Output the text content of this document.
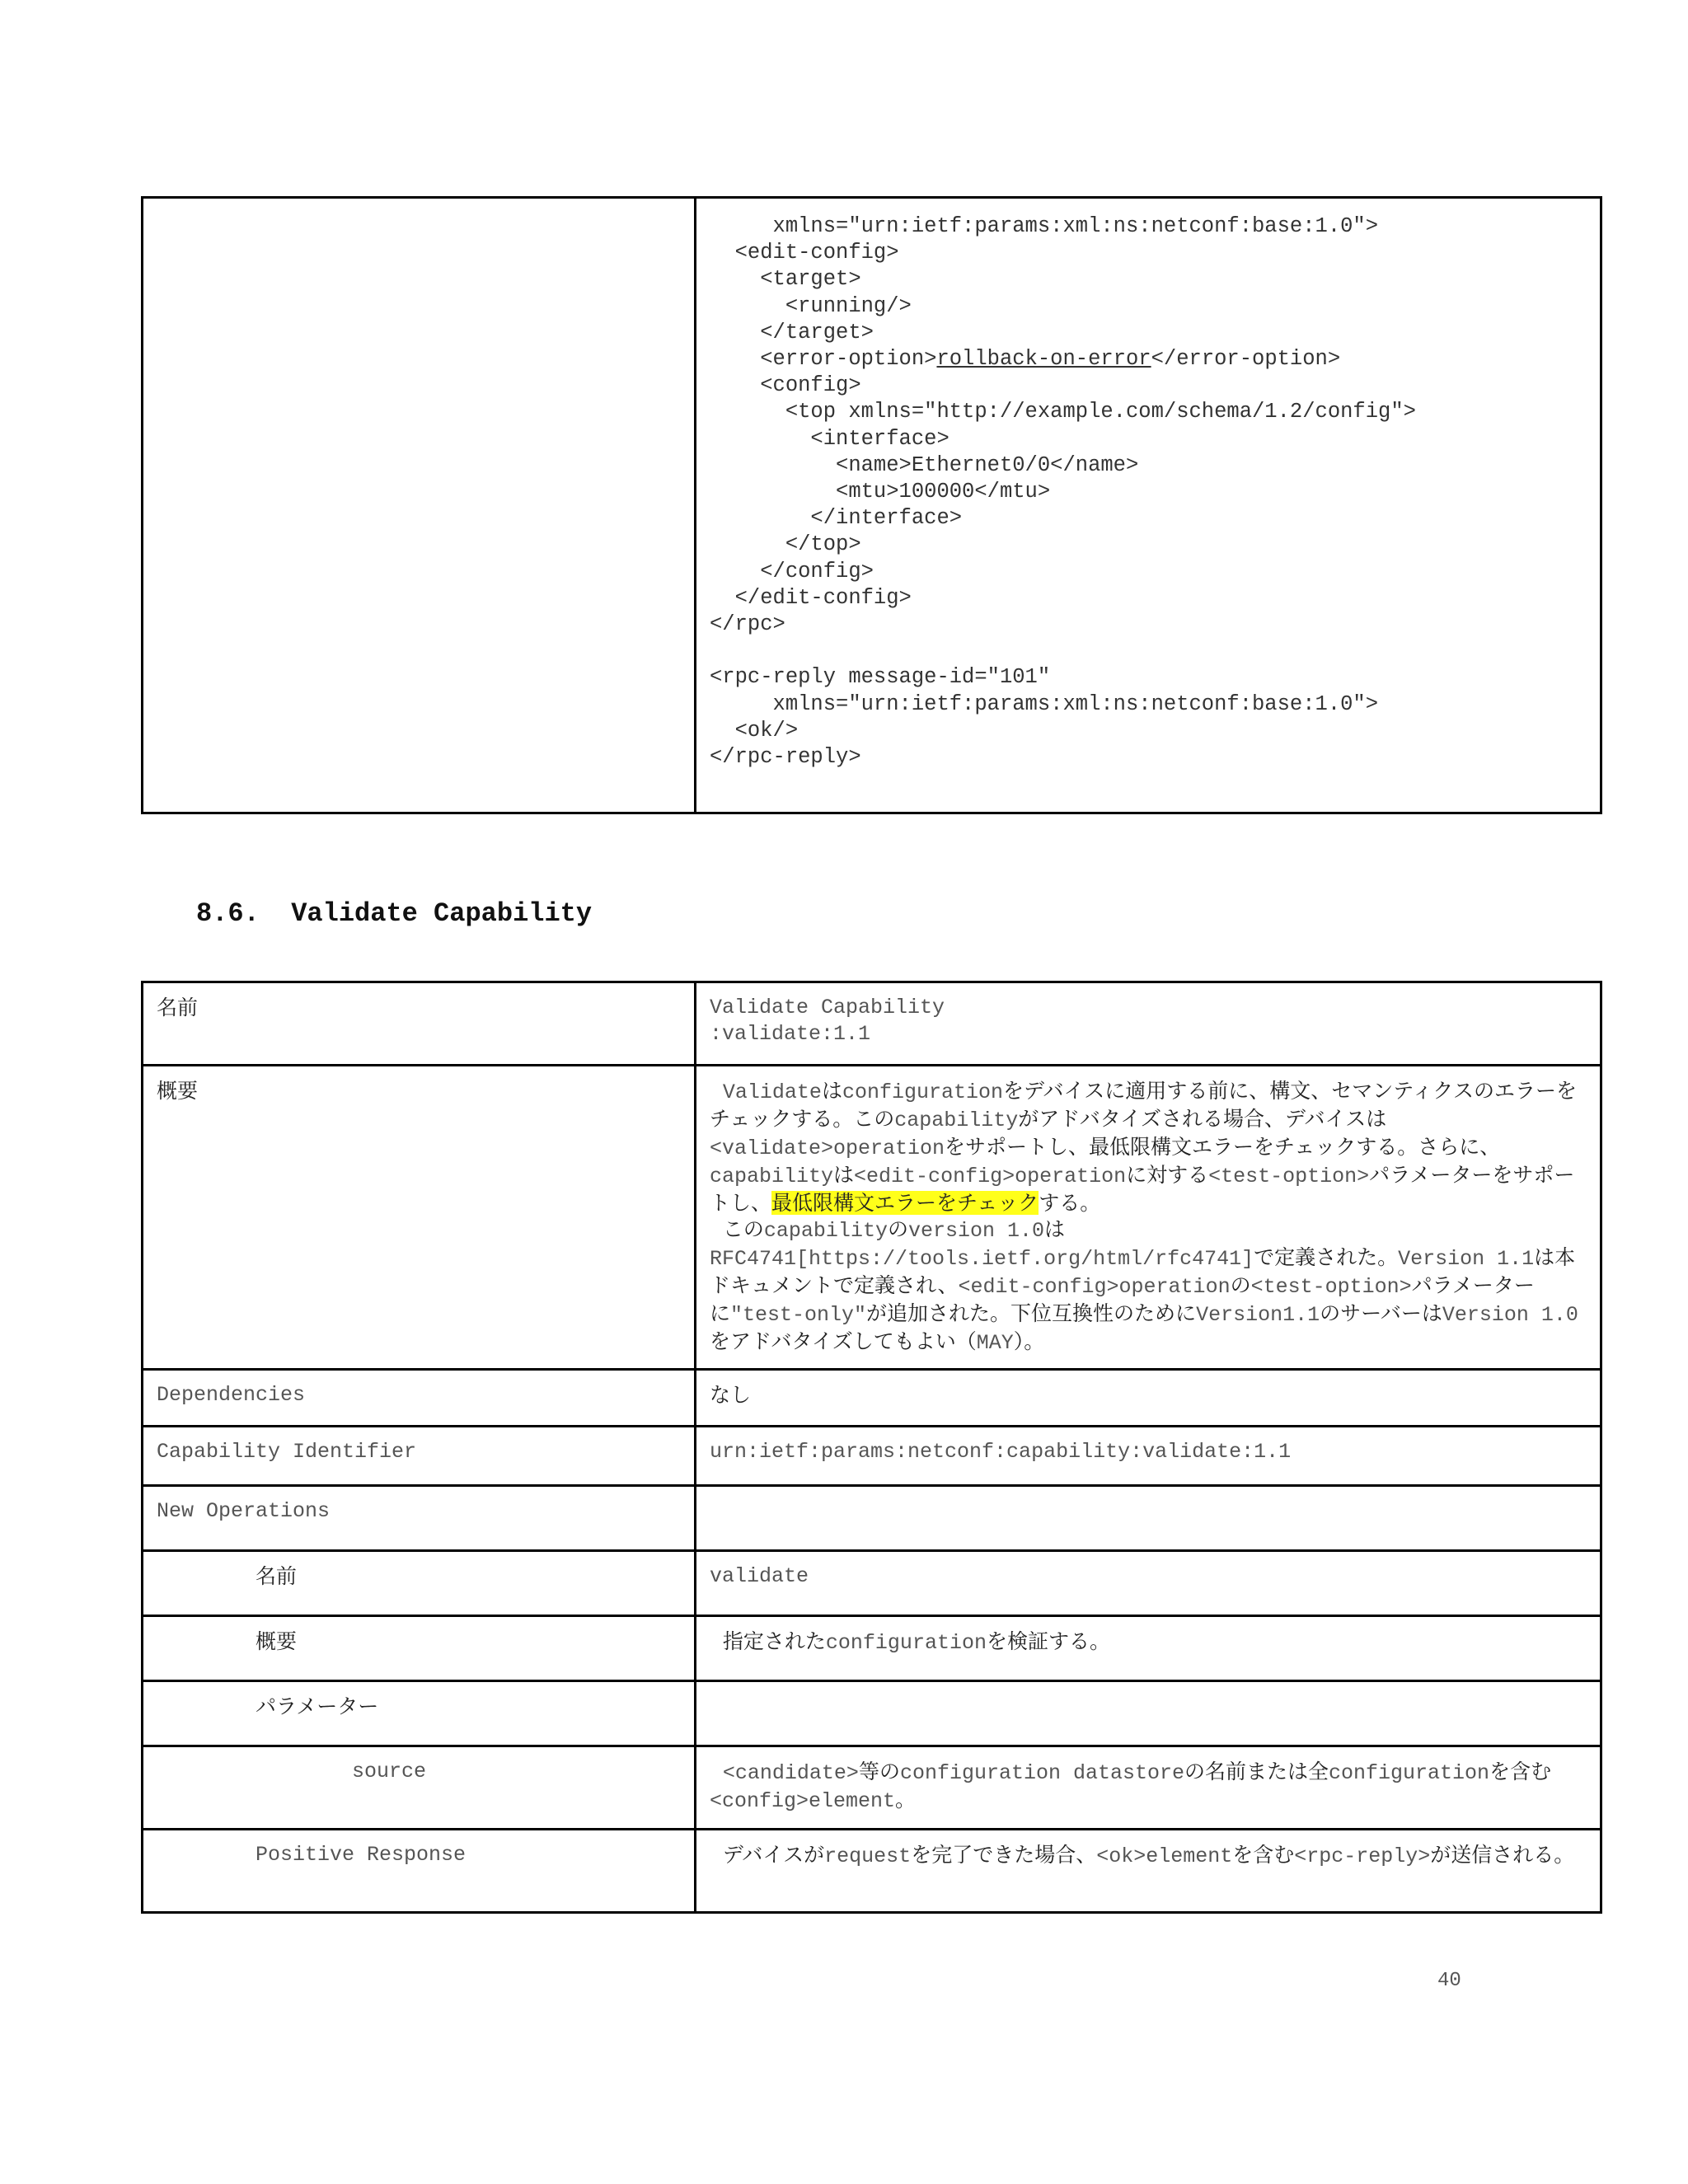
xmlns="urn:ietf:params:xml:ns:netconf:base:1.0">
<edit-config>
<target>
<running/>
</target>
<error-option>rollback-on-error</error-option>
<config>
<top xmlns="http://example.com/schema/1.2/config">
<interface>
<name>Ethernet0/0</name>
<mtu>100000</mtu>
</interface>
</top>
</config>
</edit-config>
</rpc>

<rpc-reply message-id="101"
xmlns="urn:ietf:params:xml:ns:netconf:base:1.0">
<ok/>
</rpc-reply>
8.6.  Validate Capability
名前	Validate Capability
:validate:1.1
概要	Validateはconfigurationをデバイスに適用する前に、構文、セマンティクスのエラーをチェックする。このcapabilityがアドバタイズされる場合、デバイスは<validate>operationをサポートし、最低限構文エラーをチェックする。さらに、capabilityは<edit-config>operationに対する<test-option>パラメーターをサポートし、最低限構文エラーをチェックする。
このcapabilityのversion 1.0は RFC4741[https://tools.ietf.org/html/rfc4741]で定義された。Version 1.1は本ドキュメントで定義され、<edit-config>operationの<test-option>パラメーターに"test-only"が追加された。下位互換性のためにVersion1.1のサーバーはVersion 1.0をアドバタイズしてもよい（MAY）。
Dependencies	なし
Capability Identifier	urn:ietf:params:netconf:capability:validate:1.1
New Operations	
名前	validate
概要	指定されたconfigurationを検証する。
パラメーター	
source	<candidate>等のconfiguration datastoreの名前または全configurationを含む<config>element。
Positive Response	デバイスがrequestを完了できた場合、<ok>elementを含む<rpc-reply>が送信される。
40
